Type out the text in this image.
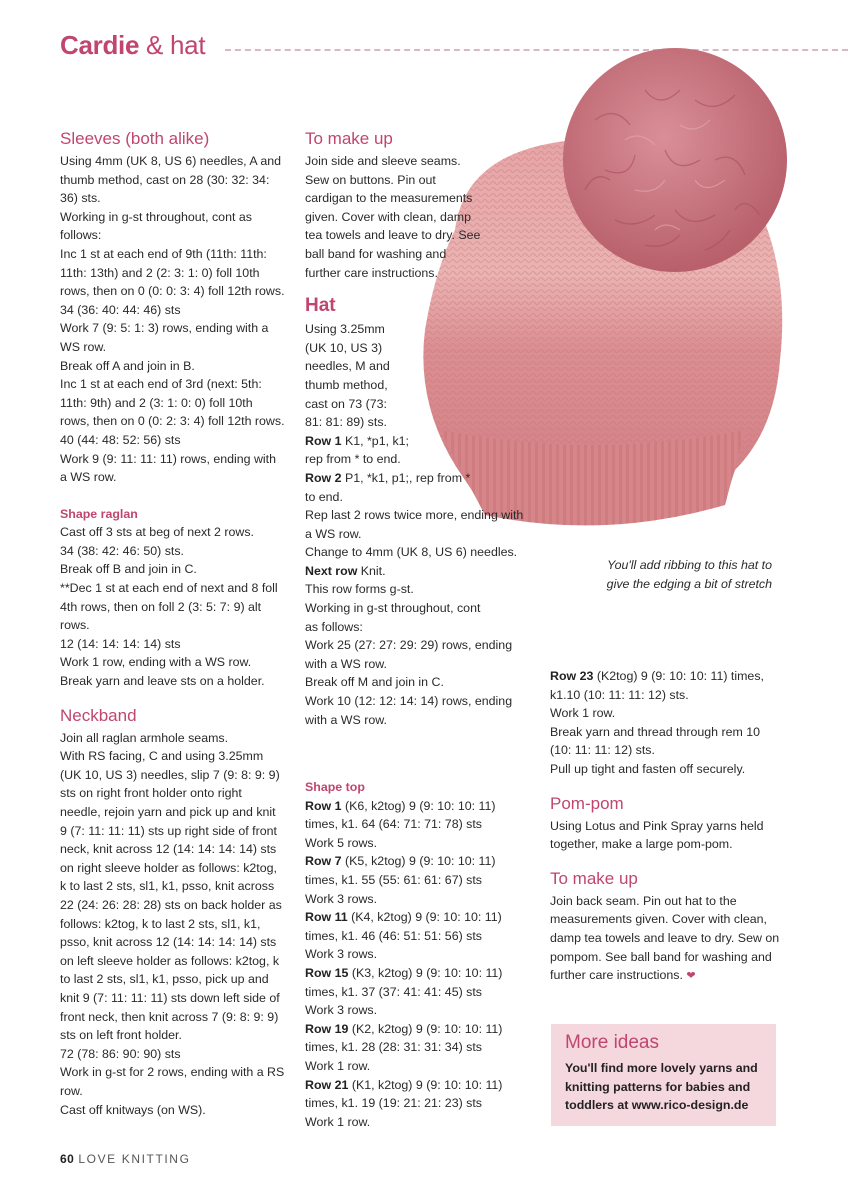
Cardie & hat

Sleeves (both alike)

Using 4mm (UK 8, US 6) needles, A and thumb method, cast on 28 (30: 32: 34: 36) sts.

Working in g-st throughout, cont as follows:

Inc 1 st at each end of 9th (11th: 11th: 11th: 13th) and 2 (2: 3: 1: 0) foll 10th rows, then on 0 (0: 0: 3: 4) foll 12th rows.

34 (36: 40: 44: 46) sts

Work 7 (9: 5: 1: 3) rows, ending with a WS row.

Break off A and join in B.

Inc 1 st at each end of 3rd (next: 5th: 11th: 9th) and 2 (3: 1: 0: 0) foll 10th rows, then on 0 (0: 2: 3: 4) foll 12th rows.

40 (44: 48: 52: 56) sts

Work 9 (9: 11: 11: 11) rows, ending with a WS row.

Shape raglan

Cast off 3 sts at beg of next 2 rows.

34 (38: 42: 46: 50) sts.

Break off B and join in C.

**Dec 1 st at each end of next and 8 foll 4th rows, then on foll 2 (3: 5: 7: 9) alt rows.

12 (14: 14: 14: 14) sts

Work 1 row, ending with a WS row.

Break yarn and leave sts on a holder.

Neckband

Join all raglan armhole seams.

With RS facing, C and using 3.25mm (UK 10, US 3) needles, slip 7 (9: 8: 9: 9) sts on right front holder onto right needle, rejoin yarn and pick up and knit 9 (7: 11: 11: 11) sts up right side of front neck, knit across 12 (14: 14: 14: 14) sts on right sleeve holder as follows: k2tog, k to last 2 sts, sl1, k1, psso, knit across 22 (24: 26: 28: 28) sts on back holder as follows: k2tog, k to last 2 sts, sl1, k1, psso, knit across 12 (14: 14: 14: 14) sts on left sleeve holder as follows: k2tog, k to last 2 sts, sl1, k1, psso, pick up and knit 9 (7: 11: 11: 11) sts down left side of front neck, then knit across 7 (9: 8: 9: 9) sts on left front holder.

72 (78: 86: 90: 90) sts

Work in g-st for 2 rows, ending with a RS row.

Cast off knitways (on WS).

To make up

Join side and sleeve seams. Sew on buttons. Pin out cardigan to the measurements given. Cover with clean, damp tea towels and leave to dry. See ball band for washing and further care instructions.

Hat

Using 3.25mm (UK 10, US 3) needles, M and thumb method, cast on 73 (73: 81: 81: 89) sts.

Row 1 K1, *p1, k1; rep from * to end.

Row 2 P1, *k1, p1;, rep from * to end.

Rep last 2 rows twice more, ending with a WS row.

Change to 4mm (UK 8, US 6) needles.

Next row Knit.

This row forms g-st.

Working in g-st throughout, cont as follows:

Work 25 (27: 27: 29: 29) rows, ending with a WS row.

Break off M and join in C.

Work 10 (12: 12: 14: 14) rows, ending with a WS row.

Shape top

Row 1 (K6, k2tog) 9 (9: 10: 10: 11) times, k1. 64 (64: 71: 71: 78) sts

Work 5 rows.

Row 7 (K5, k2tog) 9 (9: 10: 10: 11) times, k1. 55 (55: 61: 61: 67) sts

Work 3 rows.

Row 11 (K4, k2tog) 9 (9: 10: 10: 11) times, k1. 46 (46: 51: 51: 56) sts

Work 3 rows.

Row 15 (K3, k2tog) 9 (9: 10: 10: 11) times, k1. 37 (37: 41: 41: 45) sts

Work 3 rows.

Row 19 (K2, k2tog) 9 (9: 10: 10: 11) times, k1. 28 (28: 31: 31: 34) sts

Work 1 row.

Row 21 (K1, k2tog) 9 (9: 10: 10: 11) times, k1. 19 (19: 21: 21: 23) sts

Work 1 row.

Row 23 (K2tog) 9 (9: 10: 10: 11) times, k1.10 (10: 11: 11: 12) sts.

Work 1 row.

Break yarn and thread through rem 10 (10: 11: 11: 12) sts.

Pull up tight and fasten off securely.

Pom-pom

Using Lotus and Pink Spray yarns held together, make a large pom-pom.

To make up

Join back seam. Pin out hat to the measurements given. Cover with clean, damp tea towels and leave to dry. Sew on pompom. See ball band for washing and further care instructions. ❤

You'll add ribbing to this hat to give the edging a bit of stretch
More ideas
You'll find more lovely yarns and knitting patterns for babies and toddlers at www.rico-design.de
60 LOVE KNITTING
